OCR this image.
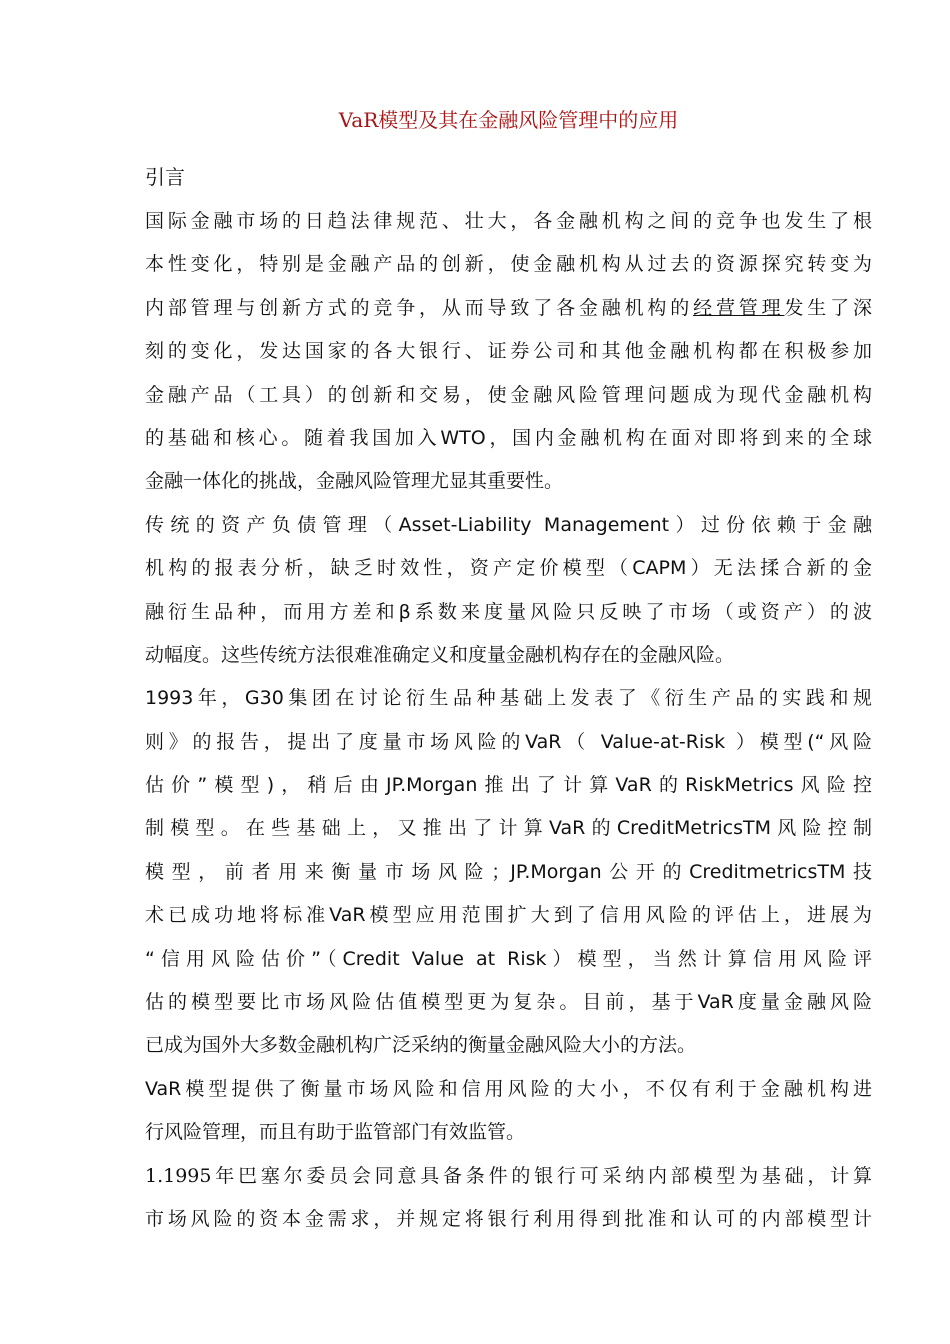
VaR模型及其在金融风险管理中的应用
引言
国际金融市场的日趋法律规范、壮大，各金融机构之间的竞争也发生了根
本性变化，特别是金融产品的创新，使金融机构从过去的资源探究转变为
内部管理与创新方式的竞争，从而导致了各金融机构的经营管理发生了深
刻的变化，发达国家的各大银行、证券公司和其他金融机构都在积极参加
金融产品（工具）的创新和交易，使金融风险管理问题成为现代金融机构
的基础和核心。随着我国加入WTO，国内金融机构在面对即将到来的全球
金融一体化的挑战，金融风险管理尤显其重要性。
传统的资产负债管理（Asset-Liability Management）过份依赖于金融
机构的报表分析，缺乏时效性，资产定价模型（CAPM）无法揉合新的金
融衍生品种，而用方差和β系数来度量风险只反映了市场（或资产）的波
动幅度。这些传统方法很难准确定义和度量金融机构存在的金融风险。
1993年，G30集团在讨论衍生品种基础上发表了《衍生产品的实践和规
则》的报告，提出了度量市场风险的VaR（ Value-at-Risk ）模型(“风险
估价”模型)，稍后由JP.Morgan推出了计算VaR的RiskMetrics风险控
制模型。在些基础上，又推出了计算VaR的CreditMetricsTM风险控制
模型，前者用来衡量市场风险；JP.Morgan公开的CreditmetricsTM技
术已成功地将标准VaR模型应用范围扩大到了信用风险的评估上，进展为
“信用风险估价”（Credit Value at Risk）模型，当然计算信用风险评
估的模型要比市场风险估值模型更为复杂。目前，基于VaR度量金融风险
已成为国外大多数金融机构广泛采纳的衡量金融风险大小的方法。
VaR模型提供了衡量市场风险和信用风险的大小，不仅有利于金融机构进
行风险管理，而且有助于监管部门有效监管。
1.1995年巴塞尔委员会同意具备条件的银行可采纳内部模型为基础，计算
市场风险的资本金需求，并规定将银行利用得到批准和认可的内部模型计
